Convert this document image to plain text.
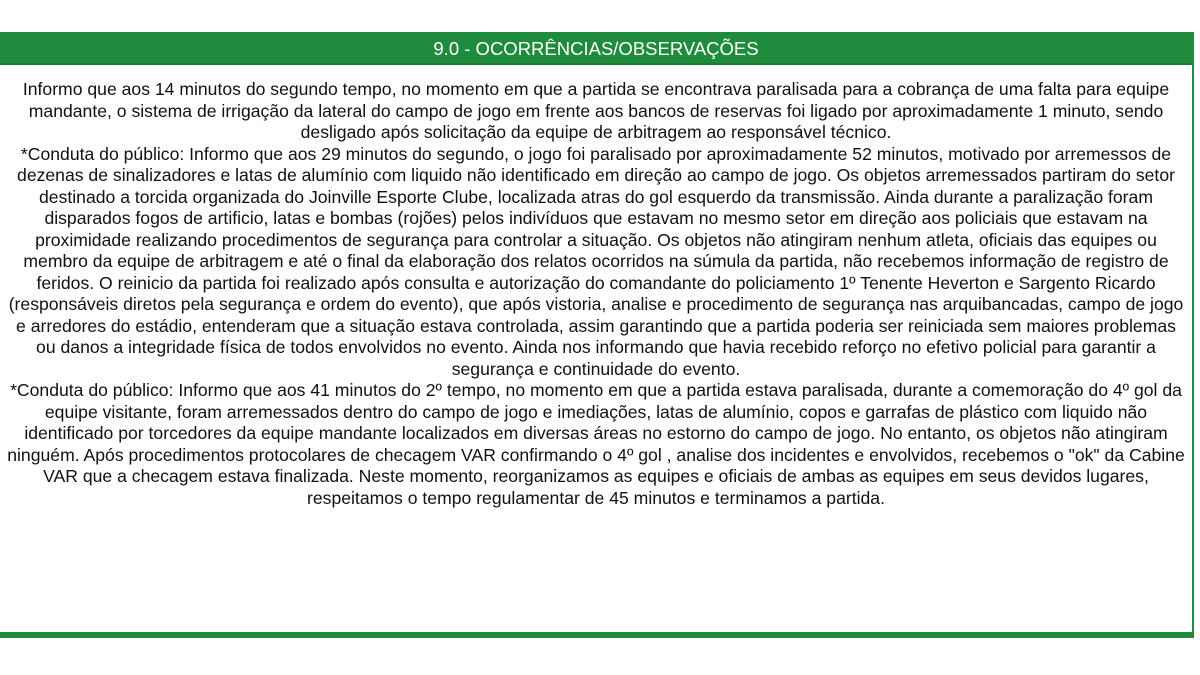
9.0 - OCORRÊNCIAS/OBSERVAÇÕES

Informo que aos 14 minutos do segundo tempo, no momento em que a partida se encontrava paralisada para a cobrança de uma falta para equipe mandante, o sistema de irrigação da lateral do campo de jogo em frente aos bancos de reservas foi ligado por aproximadamente 1 minuto, sendo desligado após solicitação da equipe de arbitragem ao responsável técnico.

*Conduta do público: Informo que aos 29 minutos do segundo, o jogo foi paralisado por aproximadamente 52 minutos, motivado por arremessos de dezenas de sinalizadores e latas de alumínio com liquido não identificado em direção ao campo de jogo. Os objetos arremessados partiram do setor destinado a torcida organizada do Joinville Esporte Clube, localizada atras do gol esquerdo da transmissão. Ainda durante a paralização foram disparados fogos de artificio, latas e bombas (rojões) pelos indivíduos que estavam no mesmo setor em direção aos policiais que estavam na proximidade realizando procedimentos de segurança para controlar a situação. Os objetos não atingiram nenhum atleta, oficiais das equipes ou membro da equipe de arbitragem e até o final da elaboração dos relatos ocorridos na súmula da partida, não recebemos informação de registro de feridos. O reinicio da partida foi realizado após consulta e autorização do comandante do policiamento 1º Tenente Heverton e Sargento Ricardo (responsáveis diretos pela segurança e ordem do evento), que após vistoria, analise e procedimento de segurança nas arquibancadas, campo de jogo e arredores do estádio, entenderam que a situação estava controlada, assim garantindo que a partida poderia ser reiniciada sem maiores problemas ou danos a integridade física de todos envolvidos no evento. Ainda nos informando que havia recebido reforço no efetivo policial para garantir a segurança e continuidade do evento.

*Conduta do público: Informo que aos 41 minutos do 2º tempo, no momento em que a partida estava paralisada, durante a comemoração do 4º gol da equipe visitante, foram arremessados dentro do campo de jogo e imediações, latas de alumínio, copos e garrafas de plástico com liquido não identificado por torcedores da equipe mandante localizados em diversas áreas no estorno do campo de jogo. No entanto, os objetos não atingiram ninguém. Após procedimentos protocolares de checagem VAR confirmando o 4º gol , analise dos incidentes e envolvidos, recebemos o "ok" da Cabine VAR que a checagem estava finalizada. Neste momento, reorganizamos as equipes e oficiais de ambas as equipes em seus devidos lugares, respeitamos o tempo regulamentar de 45 minutos e terminamos a partida.
